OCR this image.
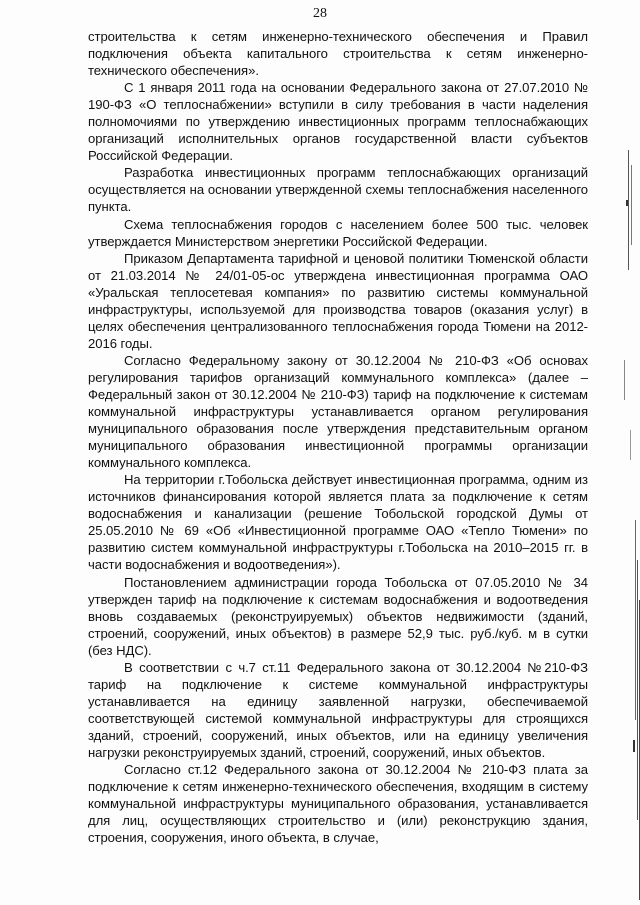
28

строительства к сетям инженерно-технического обеспечения и Правил подключения объекта капитального строительства к сетям инженерно-технического обеспечения».

С 1 января 2011 года на основании Федерального закона от 27.07.2010 № 190-ФЗ «О теплоснабжении» вступили в силу требования в части наделения полномочиями по утверждению инвестиционных программ теплоснабжающих организаций исполнительных органов государственной власти субъектов Российской Федерации.

Разработка инвестиционных программ теплоснабжающих организаций осуществляется на основании утвержденной схемы теплоснабжения населенного пункта.

Схема теплоснабжения городов с населением более 500 тыс. человек утверждается Министерством энергетики Российской Федерации.

Приказом Департамента тарифной и ценовой политики Тюменской области от 21.03.2014 № 24/01-05-ос утверждена инвестиционная программа ОАО «Уральская теплосетевая компания» по развитию системы коммунальной инфраструктуры, используемой для производства товаров (оказания услуг) в целях обеспечения централизованного теплоснабжения города Тюмени на 2012-2016 годы.

Согласно Федеральному закону от 30.12.2004 № 210-ФЗ «Об основах регулирования тарифов организаций коммунального комплекса» (далее – Федеральный закон от 30.12.2004 № 210-ФЗ) тариф на подключение к системам коммунальной инфраструктуры устанавливается органом регулирования муниципального образования после утверждения представительным органом муниципального образования инвестиционной программы организации коммунального комплекса.

На территории г.Тобольска действует инвестиционная программа, одним из источников финансирования которой является плата за подключение к сетям водоснабжения и канализации (решение Тобольской городской Думы от 25.05.2010 № 69 «Об «Инвестиционной программе ОАО «Тепло Тюмени» по развитию систем коммунальной инфраструктуры г.Тобольска на 2010–2015 гг. в части водоснабжения и водоотведения»).

Постановлением администрации города Тобольска от 07.05.2010 № 34 утвержден тариф на подключение к системам водоснабжения и водоотведения вновь создаваемых (реконструируемых) объектов недвижимости (зданий, строений, сооружений, иных объектов) в размере 52,9 тыс. руб./куб. м в сутки (без НДС).

В соответствии с ч.7 ст.11 Федерального закона от 30.12.2004 №210-ФЗ тариф на подключение к системе коммунальной инфраструктуры устанавливается на единицу заявленной нагрузки, обеспечиваемой соответствующей системой коммунальной инфраструктуры для строящихся зданий, строений, сооружений, иных объектов, или на единицу увеличения нагрузки реконструируемых зданий, строений, сооружений, иных объектов.

Согласно ст.12 Федерального закона от 30.12.2004 № 210-ФЗ плата за подключение к сетям инженерно-технического обеспечения, входящим в систему коммунальной инфраструктуры муниципального образования, устанавливается для лиц, осуществляющих строительство и (или) реконструкцию здания, строения, сооружения, иного объекта, в случае,
